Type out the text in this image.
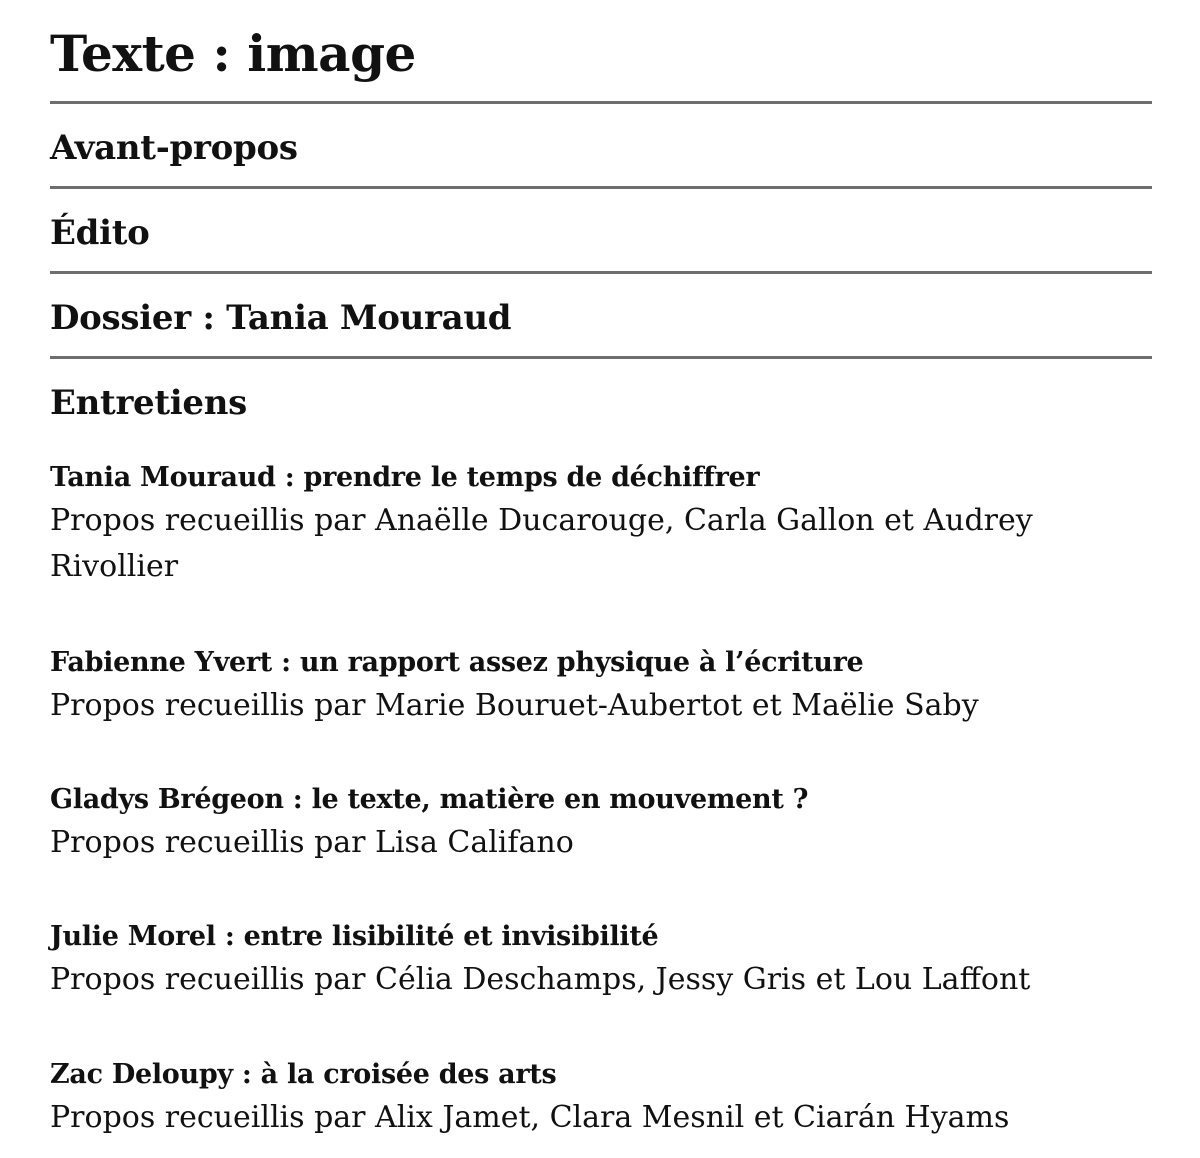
Texte : image
Avant-propos
Édito
Dossier : Tania Mouraud
Entretiens

Tania Mouraud : prendre le temps de déchiffrer

Propos recueillis par Anaëlle Ducarouge, Carla Gallon et Audrey Rivollier

Fabienne Yvert : un rapport assez physique à l’écriture

Propos recueillis par Marie Bouruet-Aubertot et Maëlie Saby

Gladys Brégeon : le texte, matière en mouvement ?

Propos recueillis par Lisa Califano

Julie Morel : entre lisibilité et invisibilité

Propos recueillis par Célia Deschamps, Jessy Gris et Lou Laffont

Zac Deloupy : à la croisée des arts

Propos recueillis par Alix Jamet, Clara Mesnil et Ciarán Hyams
